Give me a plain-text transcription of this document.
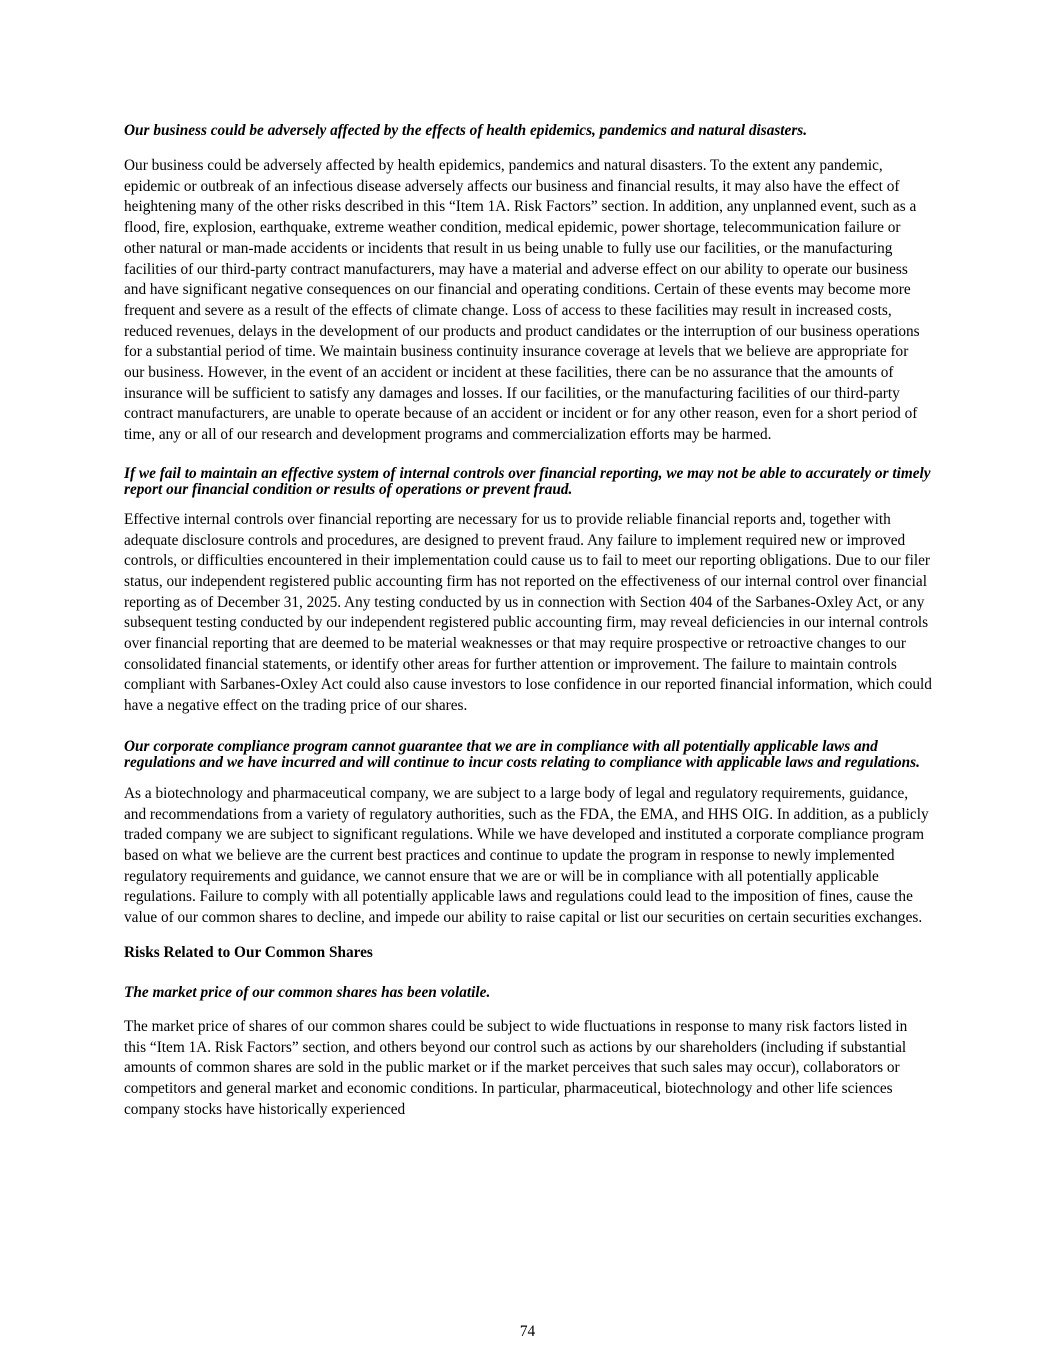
Our business could be adversely affected by the effects of health epidemics, pandemics and natural disasters.

Our business could be adversely affected by health epidemics, pandemics and natural disasters. To the extent any pandemic, epidemic or outbreak of an infectious disease adversely affects our business and financial results, it may also have the effect of heightening many of the other risks described in this “Item 1A. Risk Factors” section. In addition, any unplanned event, such as a flood, fire, explosion, earthquake, extreme weather condition, medical epidemic, power shortage, telecommunication failure or other natural or man-made accidents or incidents that result in us being unable to fully use our facilities, or the manufacturing facilities of our third-party contract manufacturers, may have a material and adverse effect on our ability to operate our business and have significant negative consequences on our financial and operating conditions. Certain of these events may become more frequent and severe as a result of the effects of climate change. Loss of access to these facilities may result in increased costs, reduced revenues, delays in the development of our products and product candidates or the interruption of our business operations for a substantial period of time. We maintain business continuity insurance coverage at levels that we believe are appropriate for our business. However, in the event of an accident or incident at these facilities, there can be no assurance that the amounts of insurance will be sufficient to satisfy any damages and losses. If our facilities, or the manufacturing facilities of our third-party contract manufacturers, are unable to operate because of an accident or incident or for any other reason, even for a short period of time, any or all of our research and development programs and commercialization efforts may be harmed.

If we fail to maintain an effective system of internal controls over financial reporting, we may not be able to accurately or timely report our financial condition or results of operations or prevent fraud.

Effective internal controls over financial reporting are necessary for us to provide reliable financial reports and, together with adequate disclosure controls and procedures, are designed to prevent fraud. Any failure to implement required new or improved controls, or difficulties encountered in their implementation could cause us to fail to meet our reporting obligations. Due to our filer status, our independent registered public accounting firm has not reported on the effectiveness of our internal control over financial reporting as of December 31, 2025. Any testing conducted by us in connection with Section 404 of the Sarbanes-Oxley Act, or any subsequent testing conducted by our independent registered public accounting firm, may reveal deficiencies in our internal controls over financial reporting that are deemed to be material weaknesses or that may require prospective or retroactive changes to our consolidated financial statements, or identify other areas for further attention or improvement. The failure to maintain controls compliant with Sarbanes-Oxley Act could also cause investors to lose confidence in our reported financial information, which could have a negative effect on the trading price of our shares.

Our corporate compliance program cannot guarantee that we are in compliance with all potentially applicable laws and regulations and we have incurred and will continue to incur costs relating to compliance with applicable laws and regulations.

As a biotechnology and pharmaceutical company, we are subject to a large body of legal and regulatory requirements, guidance, and recommendations from a variety of regulatory authorities, such as the FDA, the EMA, and HHS OIG. In addition, as a publicly traded company we are subject to significant regulations. While we have developed and instituted a corporate compliance program based on what we believe are the current best practices and continue to update the program in response to newly implemented regulatory requirements and guidance, we cannot ensure that we are or will be in compliance with all potentially applicable regulations. Failure to comply with all potentially applicable laws and regulations could lead to the imposition of fines, cause the value of our common shares to decline, and impede our ability to raise capital or list our securities on certain securities exchanges.

Risks Related to Our Common Shares

The market price of our common shares has been volatile.

The market price of shares of our common shares could be subject to wide fluctuations in response to many risk factors listed in this “Item 1A. Risk Factors” section, and others beyond our control such as actions by our shareholders (including if substantial amounts of common shares are sold in the public market or if the market perceives that such sales may occur), collaborators or competitors and general market and economic conditions. In particular, pharmaceutical, biotechnology and other life sciences company stocks have historically experienced

74
